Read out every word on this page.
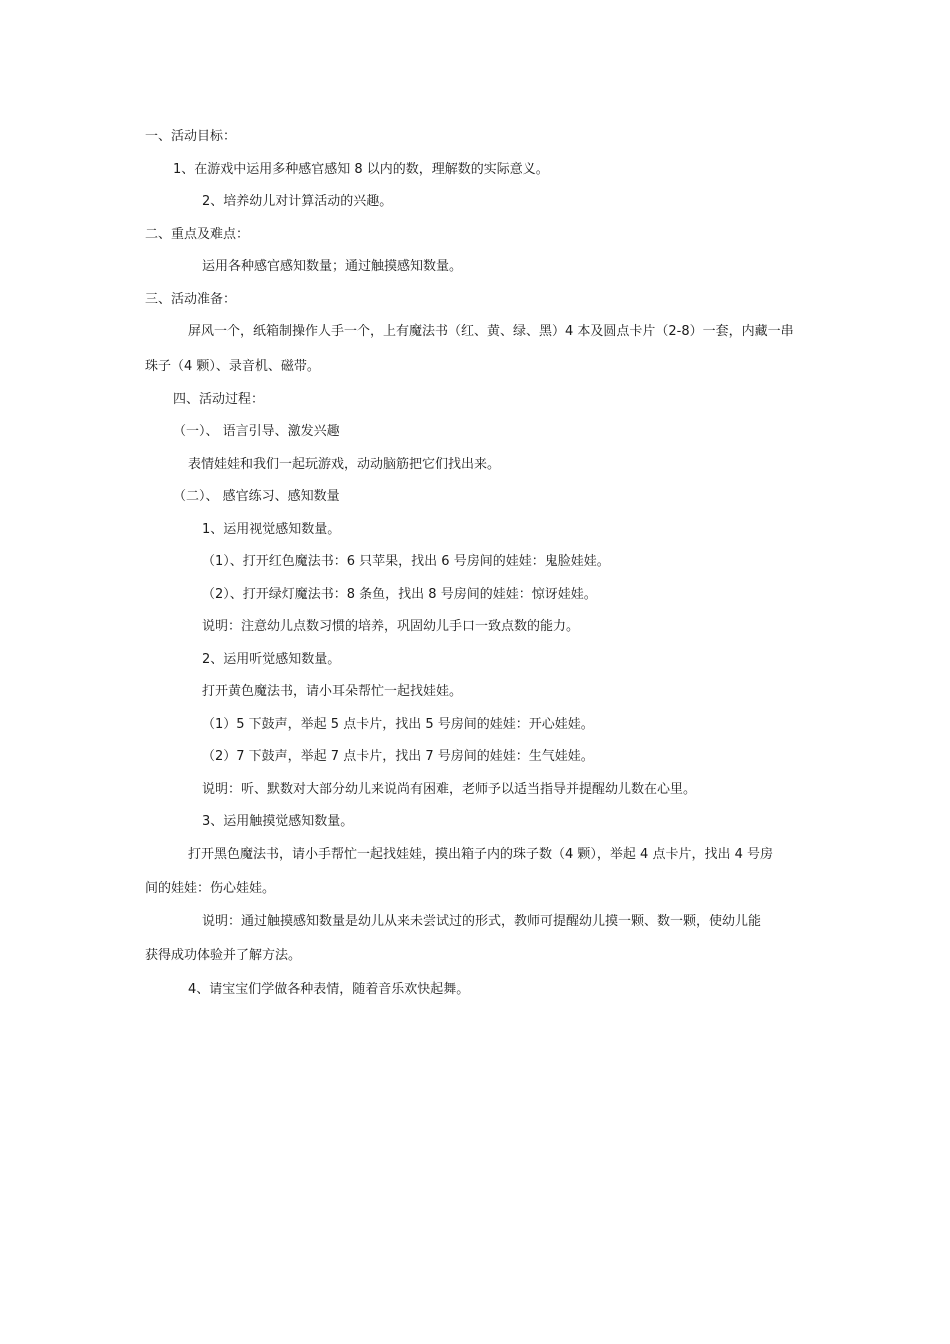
一、活动目标：
1、在游戏中运用多种感官感知 8 以内的数，理解数的实际意义。
2、培养幼儿对计算活动的兴趣。
二、重点及难点：
运用各种感官感知数量；通过触摸感知数量。
三、活动准备：
屏风一个，纸箱制操作人手一个，上有魔法书（红、黄、绿、黑）4 本及圆点卡片（2-8）一套，内藏一串
珠子（4 颗）、录音机、磁带。
四、活动过程：
（一）、 语言引导、激发兴趣
表情娃娃和我们一起玩游戏，动动脑筋把它们找出来。
（二）、 感官练习、感知数量
1、运用视觉感知数量。
（1）、打开红色魔法书：6 只苹果，找出 6 号房间的娃娃：鬼脸娃娃。
（2）、打开绿灯魔法书：8 条鱼，找出 8 号房间的娃娃：惊讶娃娃。
说明：注意幼儿点数习惯的培养，巩固幼儿手口一致点数的能力。
2、运用听觉感知数量。
打开黄色魔法书，请小耳朵帮忙一起找娃娃。
（1）5 下鼓声，举起 5 点卡片，找出 5 号房间的娃娃：开心娃娃。
（2）7 下鼓声，举起 7 点卡片，找出 7 号房间的娃娃：生气娃娃。
说明：听、默数对大部分幼儿来说尚有困难，老师予以适当指导并提醒幼儿数在心里。
3、运用触摸觉感知数量。
打开黑色魔法书，请小手帮忙一起找娃娃，摸出箱子内的珠子数（4 颗），举起 4 点卡片，找出 4 号房
间的娃娃：伤心娃娃。
说明：通过触摸感知数量是幼儿从来未尝试过的形式，教师可提醒幼儿摸一颗、数一颗，使幼儿能
获得成功体验并了解方法。
4、请宝宝们学做各种表情，随着音乐欢快起舞。
